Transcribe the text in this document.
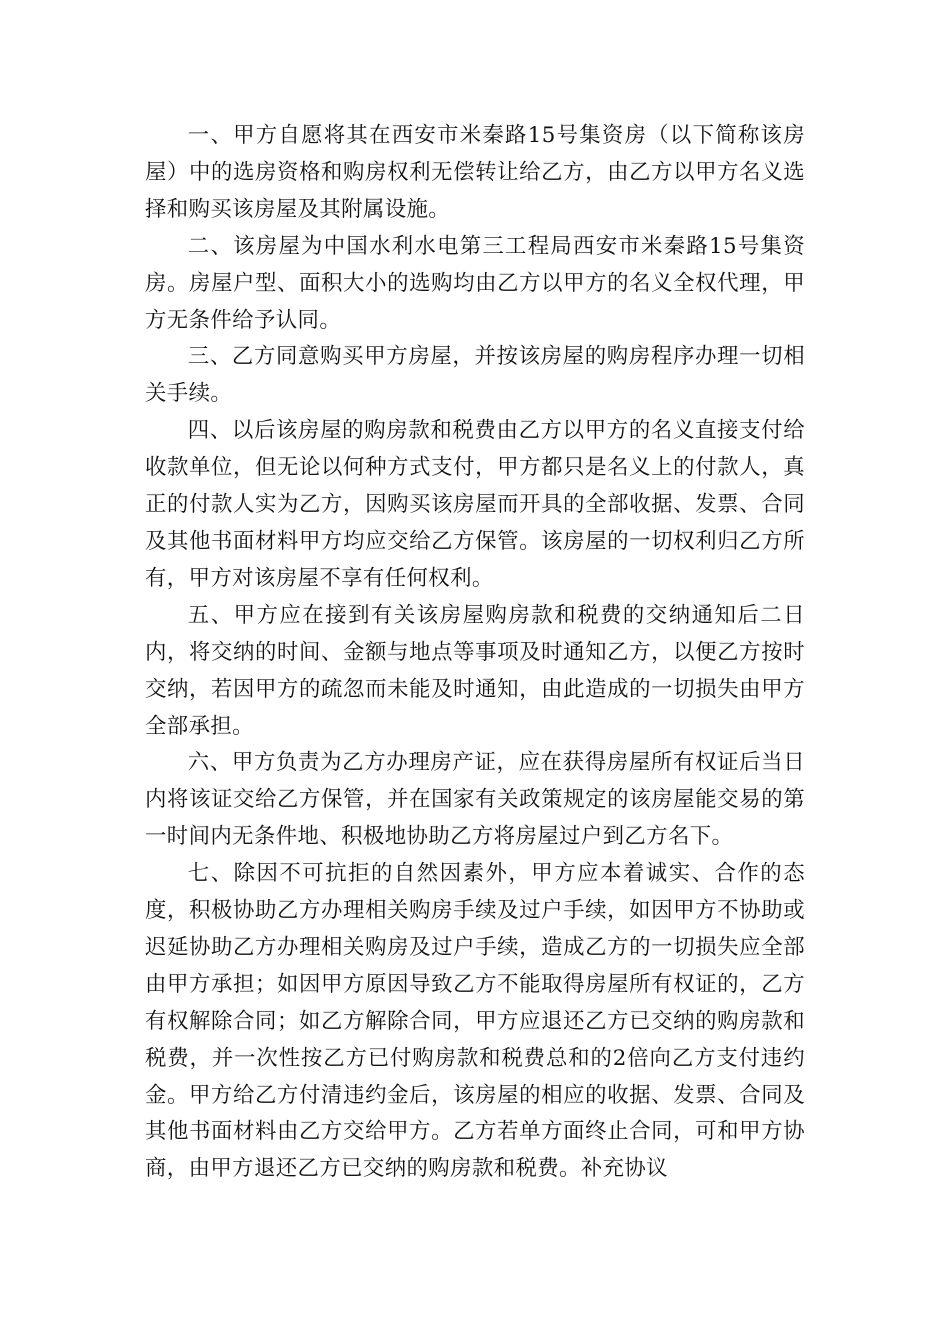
一、甲方自愿将其在西安市米秦路15号集资房（以下简称该房屋）中的选房资格和购房权利无偿转让给乙方，由乙方以甲方名义选择和购买该房屋及其附属设施。

二、该房屋为中国水利水电第三工程局西安市米秦路15号集资房。房屋户型、面积大小的选购均由乙方以甲方的名义全权代理，甲方无条件给予认同。

三、乙方同意购买甲方房屋，并按该房屋的购房程序办理一切相关手续。

四、以后该房屋的购房款和税费由乙方以甲方的名义直接支付给收款单位，但无论以何种方式支付，甲方都只是名义上的付款人，真正的付款人实为乙方，因购买该房屋而开具的全部收据、发票、合同及其他书面材料甲方均应交给乙方保管。该房屋的一切权利归乙方所有，甲方对该房屋不享有任何权利。

五、甲方应在接到有关该房屋购房款和税费的交纳通知后二日内，将交纳的时间、金额与地点等事项及时通知乙方，以便乙方按时交纳，若因甲方的疏忽而未能及时通知，由此造成的一切损失由甲方全部承担。

六、甲方负责为乙方办理房产证，应在获得房屋所有权证后当日内将该证交给乙方保管，并在国家有关政策规定的该房屋能交易的第一时间内无条件地、积极地协助乙方将房屋过户到乙方名下。

七、除因不可抗拒的自然因素外，甲方应本着诚实、合作的态度，积极协助乙方办理相关购房手续及过户手续，如因甲方不协助或迟延协助乙方办理相关购房及过户手续，造成乙方的一切损失应全部由甲方承担；如因甲方原因导致乙方不能取得房屋所有权证的，乙方有权解除合同；如乙方解除合同，甲方应退还乙方已交纳的购房款和税费，并一次性按乙方已付购房款和税费总和的2倍向乙方支付违约金。甲方给乙方付清违约金后，该房屋的相应的收据、发票、合同及其他书面材料由乙方交给甲方。乙方若单方面终止合同，可和甲方协商，由甲方退还乙方已交纳的购房款和税费。补充协议
